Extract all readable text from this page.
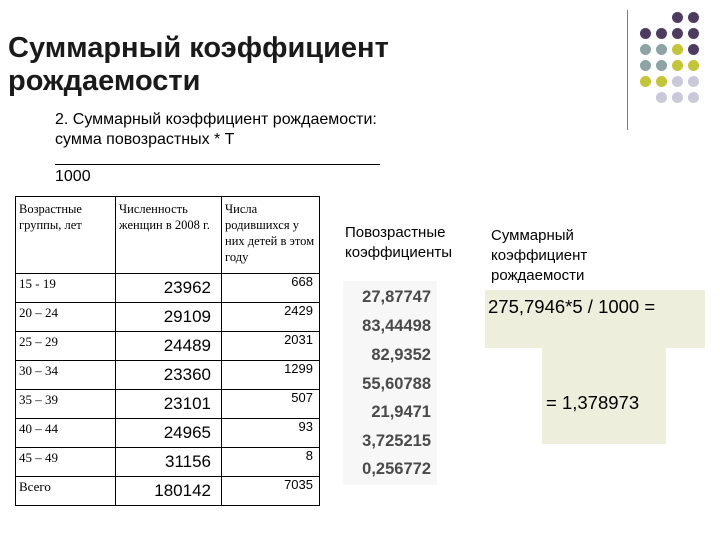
Суммарный коэффициент рождаемости
2. Суммарный коэффициент рождаемости:
сумма повозрастных * Т
1000
Возрастные группы, лет	Численность женщин в 2008 г.	Числа родившихся у них детей в этом году
15 - 19	23962	668
20 – 24	29109	2429
25 – 29	24489	2031
30 – 34	23360	1299
35 – 39	23101	507
40 – 44	24965	93
45 – 49	31156	8
Всего	180142	7035
Повозрастные коэффициенты
Суммарный коэффициент рождаемости
27,87747
83,44498
82,9352
55,60788
21,9471
3,725215
0,256772
275,7946*5 / 1000 =
= 1,378973
